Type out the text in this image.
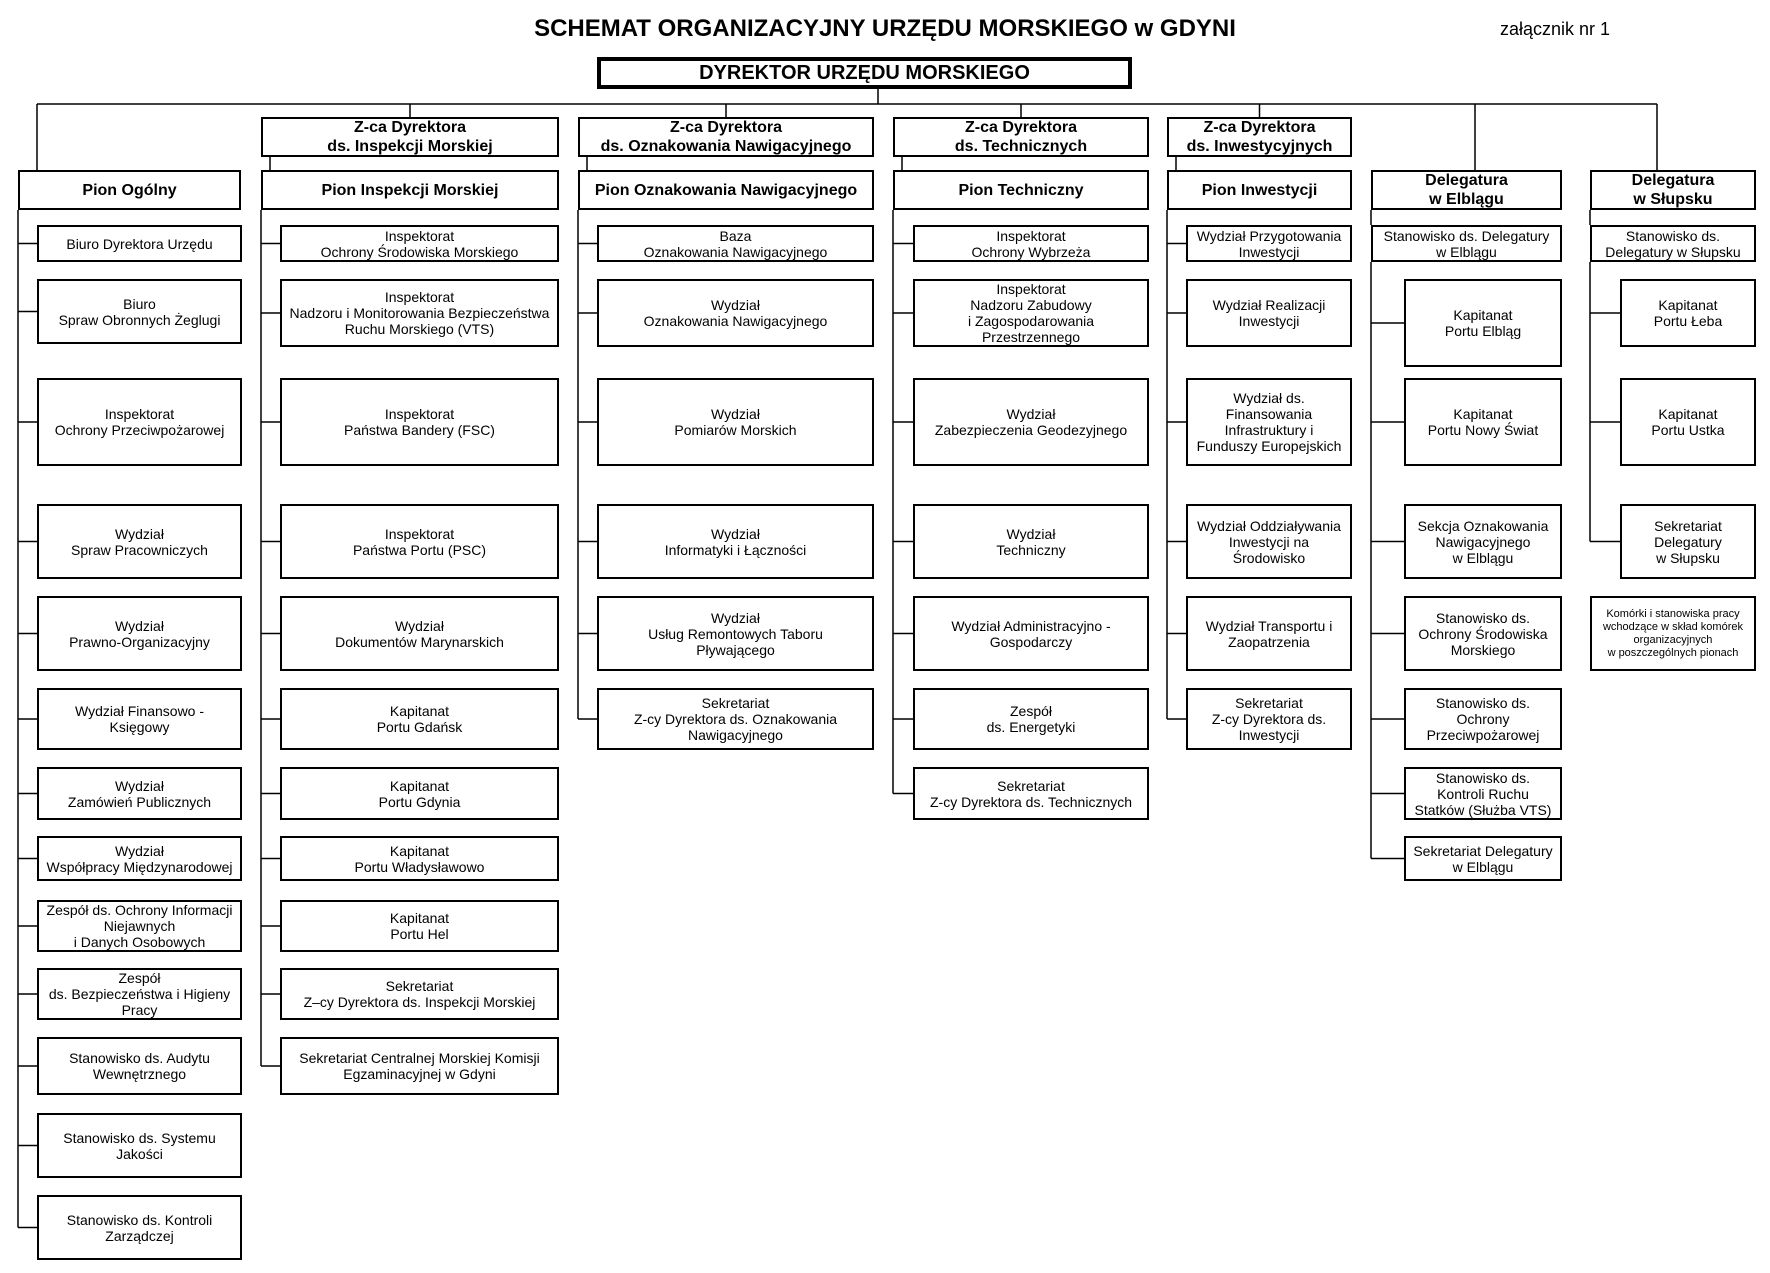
SCHEMAT ORGANIZACYJNY URZĘDU MORSKIEGO w GDYNI	załącznik nr 1
DYREKTOR URZĘDU MORSKIEGO
Pion Ogólny
Biuro Dyrektora Urzędu
Biuro
Spraw Obronnych Żeglugi
Inspektorat
Ochrony Przeciwpożarowej
Wydział
Spraw Pracowniczych
Wydział
Prawno-Organizacyjny
Wydział Finansowo -
Księgowy
Wydział
Zamówień Publicznych
Wydział
Współpracy Międzynarodowej
Zespół ds. Ochrony Informacji
Niejawnych
i Danych Osobowych
Zespół
ds. Bezpieczeństwa i Higieny
Pracy
Stanowisko ds. Audytu
Wewnętrznego
Stanowisko ds. Systemu
Jakości
Stanowisko ds. Kontroli
Zarządczej
Z-ca Dyrektora
ds. Inspekcji Morskiej
Pion Inspekcji Morskiej
Inspektorat
Ochrony Środowiska Morskiego
Inspektorat
Nadzoru i Monitorowania Bezpieczeństwa
Ruchu Morskiego (VTS)
Inspektorat
Państwa Bandery (FSC)
Inspektorat
Państwa Portu (PSC)
Wydział
Dokumentów Marynarskich
Kapitanat
Portu Gdańsk
Kapitanat
Portu Gdynia
Kapitanat
Portu Władysławowo
Kapitanat
Portu Hel
Sekretariat
Z–cy Dyrektora ds. Inspekcji Morskiej
Sekretariat Centralnej Morskiej Komisji
Egzaminacyjnej w Gdyni
Z-ca Dyrektora
ds. Oznakowania Nawigacyjnego
Pion Oznakowania Nawigacyjnego
Baza
Oznakowania Nawigacyjnego
Wydział
Oznakowania Nawigacyjnego
Wydział
Pomiarów Morskich
Wydział
Informatyki i Łączności
Wydział
Usług Remontowych Taboru
Pływającego
Sekretariat
Z-cy Dyrektora ds. Oznakowania
Nawigacyjnego
Z-ca Dyrektora
ds. Technicznych
Pion Techniczny
Inspektorat
Ochrony Wybrzeża
Inspektorat
Nadzoru Zabudowy
i Zagospodarowania
Przestrzennego
Wydział
Zabezpieczenia Geodezyjnego
Wydział
Techniczny
Wydział Administracyjno -
Gospodarczy
Zespół
ds. Energetyki
Sekretariat
Z-cy Dyrektora ds. Technicznych
Z-ca Dyrektora
ds. Inwestycyjnych
Pion Inwestycji
Wydział Przygotowania
Inwestycji
Wydział Realizacji
Inwestycji
Wydział ds.
Finansowania
Infrastruktury i
Funduszy Europejskich
Wydział Oddziaływania
Inwestycji na
Środowisko
Wydział Transportu i
Zaopatrzenia
Sekretariat
Z-cy Dyrektora ds.
Inwestycji
Delegatura
w Elblągu
Stanowisko ds. Delegatury
w Elblągu
Kapitanat
Portu Elbląg
Kapitanat
Portu Nowy Świat
Sekcja Oznakowania
Nawigacyjnego
w Elblągu
Stanowisko ds.
Ochrony Środowiska
Morskiego
Stanowisko ds.
Ochrony
Przeciwpożarowej
Stanowisko ds.
Kontroli Ruchu
Statków (Służba VTS)
Sekretariat Delegatury
w Elblągu
Delegatura
w Słupsku
Stanowisko ds.
Delegatury w Słupsku
Kapitanat
Portu Łeba
Kapitanat
Portu Ustka
Sekretariat
Delegatury
w Słupsku
Komórki i stanowiska pracy
wchodzące w skład komórek
organizacyjnych
w poszczególnych pionach
